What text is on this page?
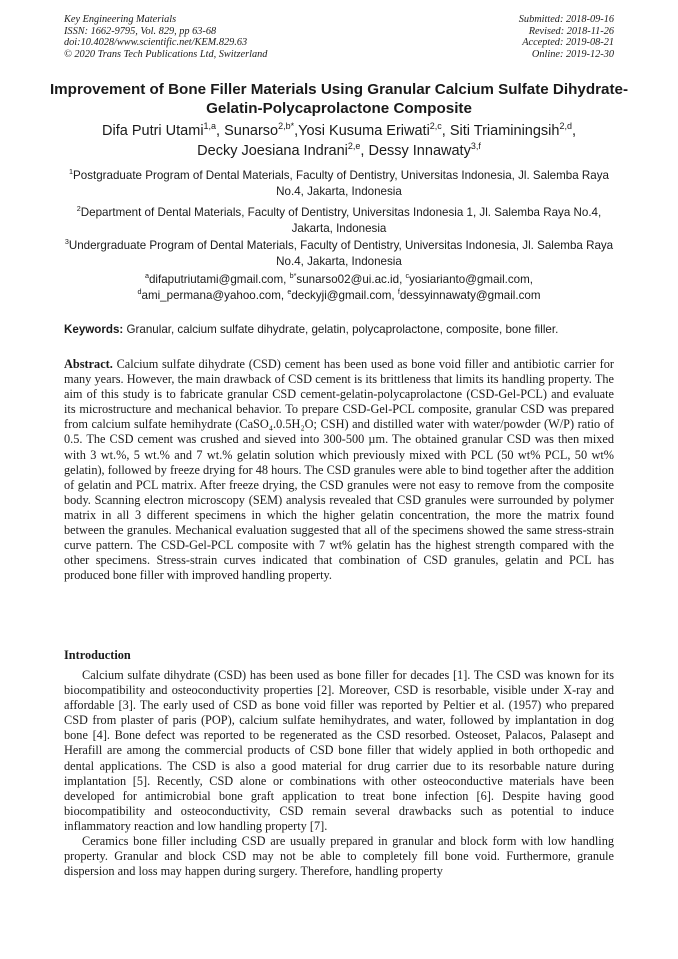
Key Engineering Materials
ISSN: 1662-9795, Vol. 829, pp 63-68
doi:10.4028/www.scientific.net/KEM.829.63
© 2020 Trans Tech Publications Ltd, Switzerland
Submitted: 2018-09-16
Revised: 2018-11-26
Accepted: 2019-08-21
Online: 2019-12-30
Improvement of Bone Filler Materials Using Granular Calcium Sulfate Dihydrate-Gelatin-Polycaprolactone Composite
Difa Putri Utami$^{1,a}$, Sunarso$^{2,b*}$,Yosi Kusuma Eriwati$^{2,c}$, Siti Triaminingsih$^{2,d}$,
Decky Joesiana Indrani$^{2,e}$, Dessy Innawaty$^{3,f}$
$^1$Postgraduate Program of Dental Materials, Faculty of Dentistry, Universitas Indonesia, Jl. Salemba Raya No.4, Jakarta, Indonesia
$^2$Department of Dental Materials, Faculty of Dentistry, Universitas Indonesia 1, Jl. Salemba Raya No.4, Jakarta, Indonesia
$^3$Undergraduate Program of Dental Materials, Faculty of Dentistry, Universitas Indonesia, Jl. Salemba Raya No.4, Jakarta, Indonesia
$^a$difaputriutami@gmail.com, $^{b*}$sunarso02@ui.ac.id, $^c$yosiarianto@gmail.com,
$^d$ami_permana@yahoo.com, $^e$deckyji@gmail.com, $^f$dessyinnawaty@gmail.com
Keywords: Granular, calcium sulfate dihydrate, gelatin, polycaprolactone, composite, bone filler.

Abstract. Calcium sulfate dihydrate (CSD) cement has been used as bone void filler and antibiotic carrier for many years. However, the main drawback of CSD cement is its brittleness that limits its handling property. The aim of this study is to fabricate granular CSD cement-gelatin-polycaprolactone (CSD-Gel-PCL) and evaluate its microstructure and mechanical behavior. To prepare CSD-Gel-PCL composite, granular CSD was prepared from calcium sulfate hemihydrate (CaSO₄.0.5H₂O; CSH) and distilled water with water/powder (W/P) ratio of 0.5. The CSD cement was crushed and sieved into 300-500 µm. The obtained granular CSD was then mixed with 3 wt.%, 5 wt.% and 7 wt.% gelatin solution which previously mixed with PCL (50 wt% PCL, 50 wt% gelatin), followed by freeze drying for 48 hours. The CSD granules were able to bind together after the addition of gelatin and PCL matrix. After freeze drying, the CSD granules were not easy to remove from the composite body. Scanning electron microscopy (SEM) analysis revealed that CSD granules were surrounded by polymer matrix in all 3 different specimens in which the higher gelatin concentration, the more the matrix found between the granules. Mechanical evaluation suggested that all of the specimens showed the same stress-strain curve pattern. The CSD-Gel-PCL composite with 7 wt% gelatin has the highest strength compared with the other specimens. Stress-strain curves indicated that combination of CSD granules, gelatin and PCL has produced bone filler with improved handling property.

Introduction

Calcium sulfate dihydrate (CSD) has been used as bone filler for decades [1]. The CSD was known for its biocompatibility and osteoconductivity properties [2]. Moreover, CSD is resorbable, visible under X-ray and affordable [3]. The early used of CSD as bone void filler was reported by Peltier et al. (1957) who prepared CSD from plaster of paris (POP), calcium sulfate hemihydrates, and water, followed by implantation in dog bone [4]. Bone defect was reported to be regenerated as the CSD resorbed. Osteoset, Palacos, Palasept and Herafill are among the commercial products of CSD bone filler that widely applied in both orthopedic and dental applications. The CSD is also a good material for drug carrier due to its resorbable nature during implantation [5]. Recently, CSD alone or combinations with other osteoconductive materials have been developed for antimicrobial bone graft application to treat bone infection [6]. Despite having good biocompatibility and osteoconductivity, CSD remain several drawbacks such as potential to induce inflammatory reaction and low handling property [7].

Ceramics bone filler including CSD are usually prepared in granular and block form with low handling property. Granular and block CSD may not be able to completely fill bone void. Furthermore, granule dispersion and loss may happen during surgery. Therefore, handling property
